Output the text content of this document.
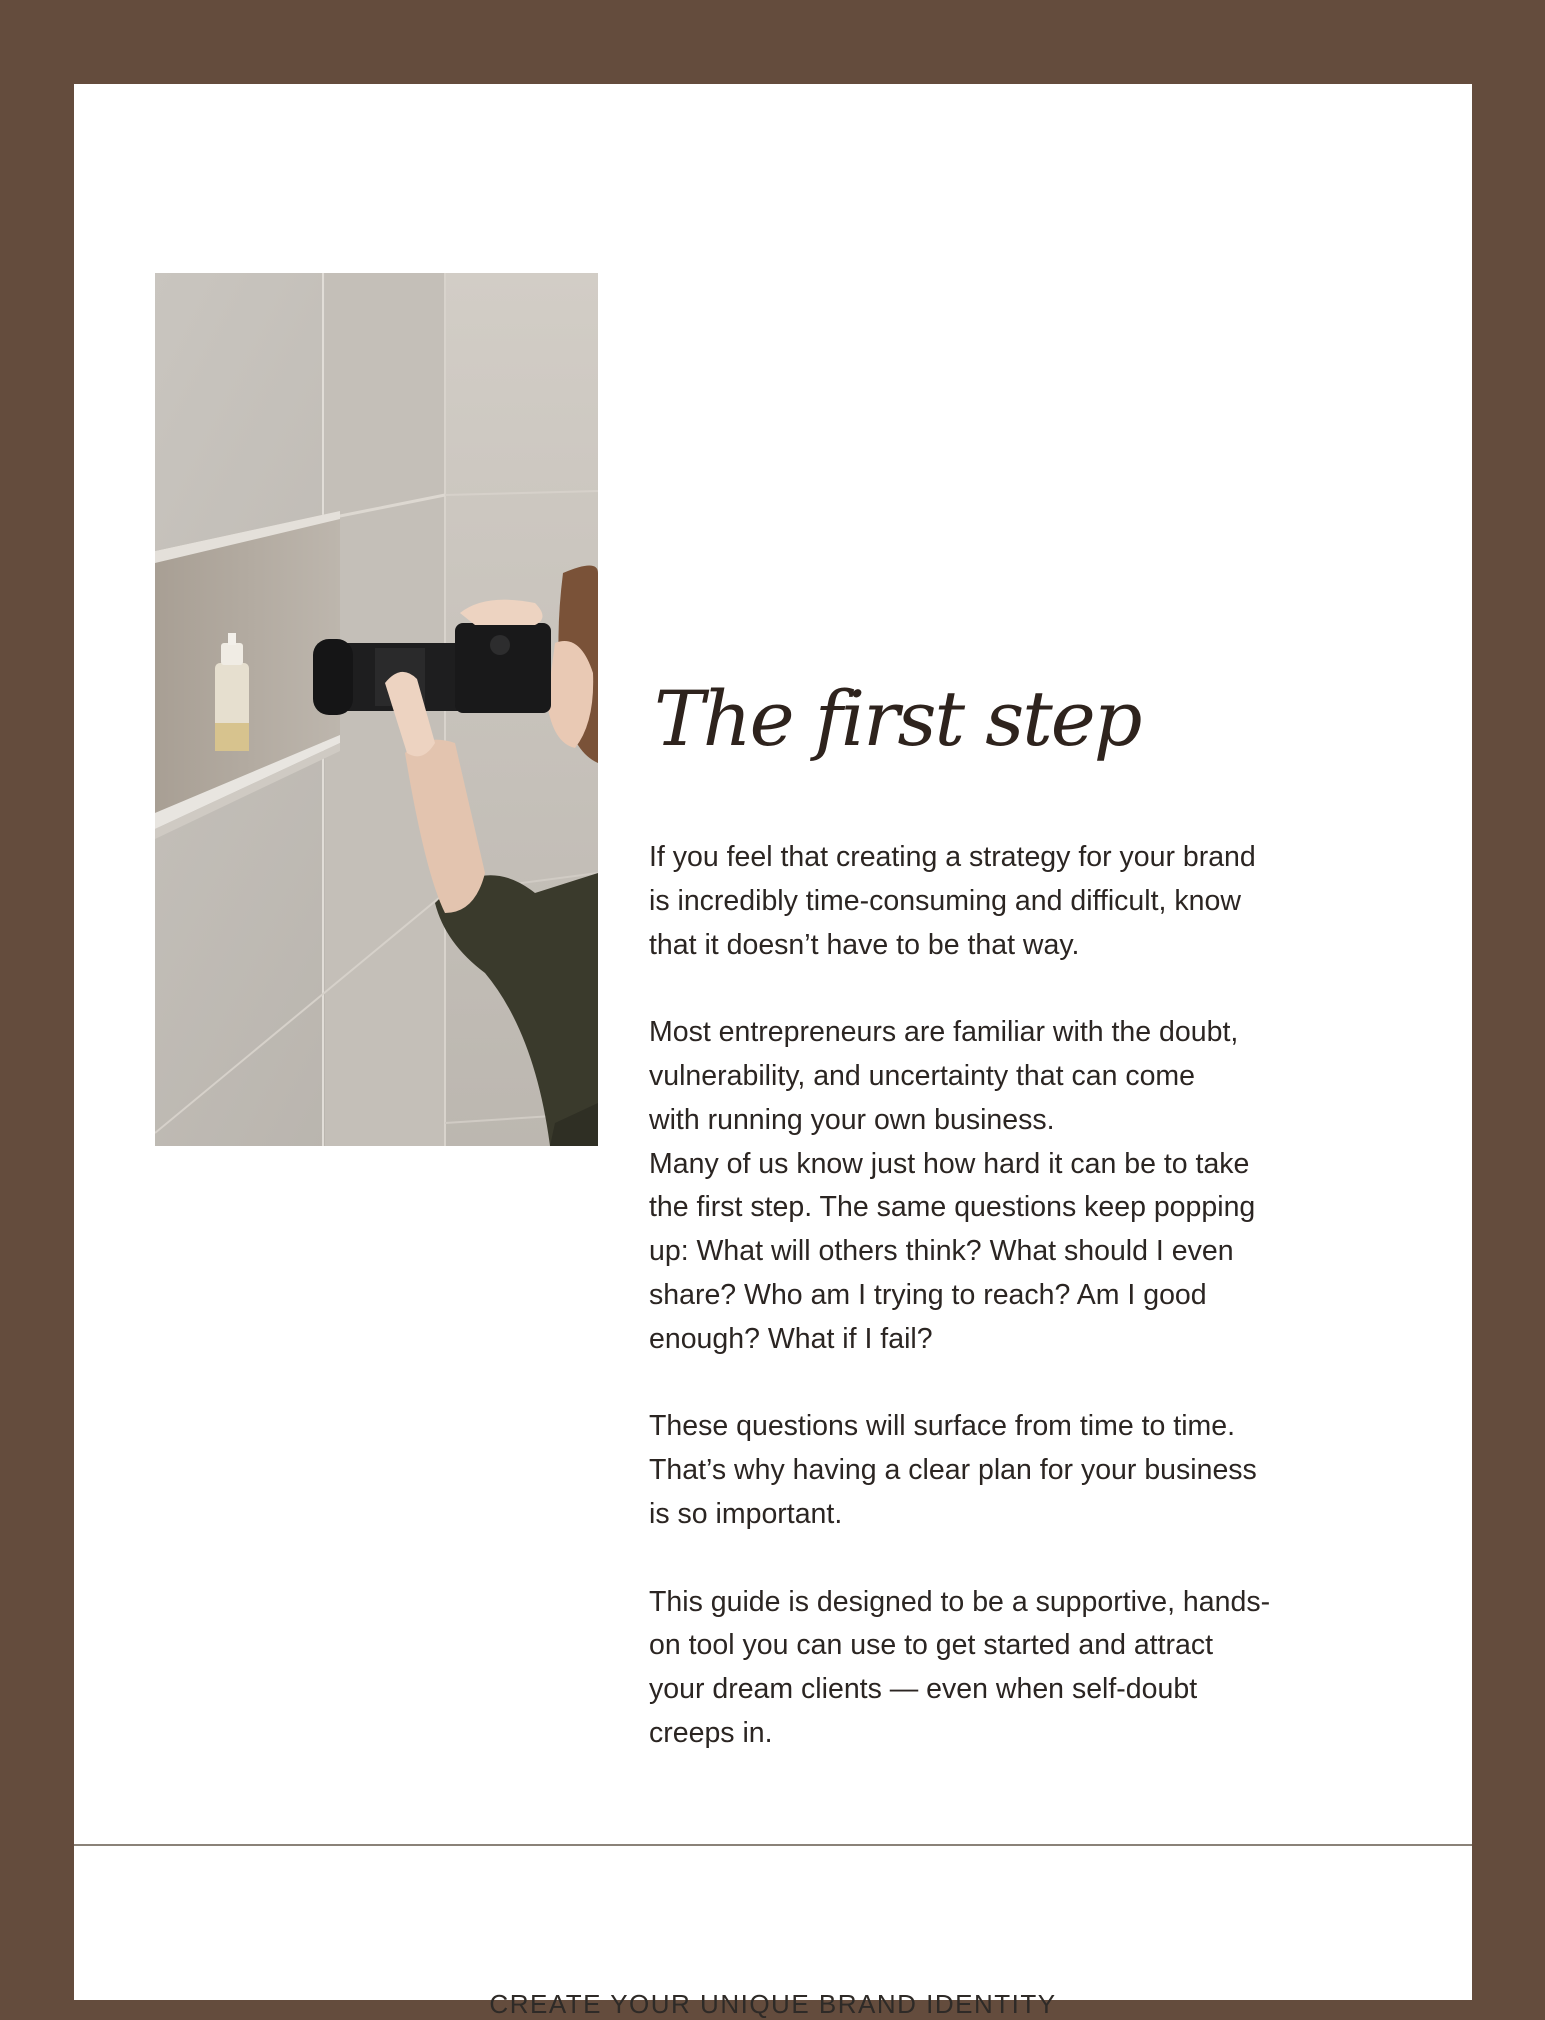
The first step
If you feel that creating a strategy for your brand
is incredibly time-consuming and difficult, know
that it doesn’t have to be that way.
Most entrepreneurs are familiar with the doubt,
vulnerability, and uncertainty that can come
with running your own business.
Many of us know just how hard it can be to take
the first step. The same questions keep popping
up: What will others think? What should I even
share? Who am I trying to reach? Am I good
enough? What if I fail?
These questions will surface from time to time.
That’s why having a clear plan for your business
is so important.
This guide is designed to be a supportive, hands-
on tool you can use to get started and attract
your dream clients — even when self-doubt
creeps in.
CREATE YOUR UNIQUE BRAND IDENTITY
